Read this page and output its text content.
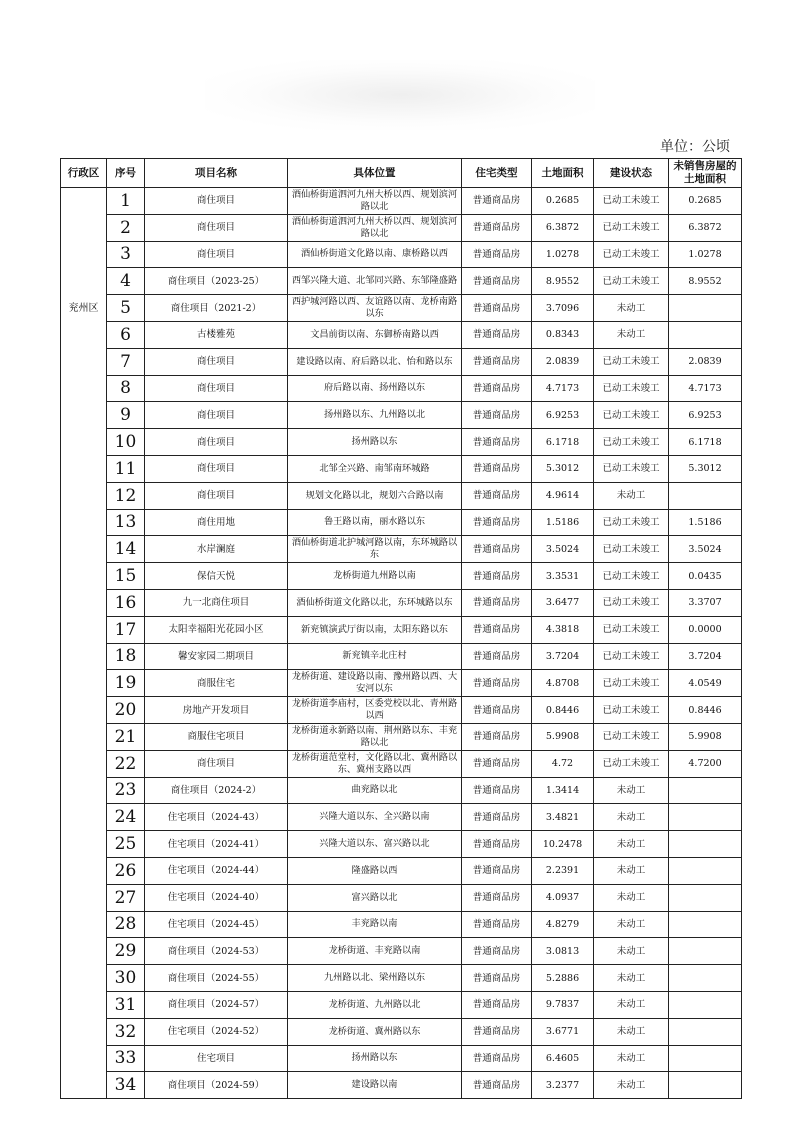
单位：公顷
行政区	序号	项目名称	具体位置	住宅类型	土地面积	建设状态	未销售房屋的土地面积
	1	商住项目	酒仙桥街道泗河九州大桥以西、规划滨河路以北	普通商品房	0.2685	已动工未竣工	0.2685
	2	商住项目	酒仙桥街道泗河九州大桥以西、规划滨河路以北	普通商品房	6.3872	已动工未竣工	6.3872
	3	商住项目	酒仙桥街道文化路以南、康桥路以西	普通商品房	1.0278	已动工未竣工	1.0278
	4	商住项目（2023-25）	西邹兴隆大道、北邹同兴路、东邹隆盛路	普通商品房	8.9552	已动工未竣工	8.9552
兖州区	5	商住项目（2021-2）	西护城河路以西、友谊路以南、龙桥南路以东	普通商品房	3.7096	未动工	
	6	古楼雅苑	文昌前街以南、东御桥南路以西	普通商品房	0.8343	未动工	
	7	商住项目	建设路以南、府后路以北、怡和路以东	普通商品房	2.0839	已动工未竣工	2.0839
	8	商住项目	府后路以南、扬州路以东	普通商品房	4.7173	已动工未竣工	4.7173
	9	商住项目	扬州路以东、九州路以北	普通商品房	6.9253	已动工未竣工	6.9253
	10	商住项目	扬州路以东	普通商品房	6.1718	已动工未竣工	6.1718
	11	商住项目	北邹全兴路、南邹南环城路	普通商品房	5.3012	已动工未竣工	5.3012
	12	商住项目	规划文化路以北，规划六合路以南	普通商品房	4.9614	未动工	
	13	商住用地	鲁王路以南，丽水路以东	普通商品房	1.5186	已动工未竣工	1.5186
	14	水岸澜庭	酒仙桥街道北护城河路以南，东环城路以东	普通商品房	3.5024	已动工未竣工	3.5024
	15	保信天悦	龙桥街道九州路以南	普通商品房	3.3531	已动工未竣工	0.0435
	16	九一北商住项目	酒仙桥街道文化路以北，东环城路以东	普通商品房	3.6477	已动工未竣工	3.3707
	17	太阳幸福阳光花园小区	新兖镇演武厅街以南，太阳东路以东	普通商品房	4.3818	已动工未竣工	0.0000
	18	馨安家园二期项目	新兖镇辛北庄村	普通商品房	3.7204	已动工未竣工	3.7204
	19	商服住宅	龙桥街道、建设路以南、豫州路以西、大安河以东	普通商品房	4.8708	已动工未竣工	4.0549
	20	房地产开发项目	龙桥街道李庙村，区委党校以北、青州路以西	普通商品房	0.8446	已动工未竣工	0.8446
	21	商服住宅项目	龙桥街道永新路以南、荆州路以东、丰兖路以北	普通商品房	5.9908	已动工未竣工	5.9908
	22	商住项目	龙桥街道范堂村，文化路以北、冀州路以东、冀州支路以西	普通商品房	4.72	已动工未竣工	4.7200
	23	商住项目（2024-2）	曲兖路以北	普通商品房	1.3414	未动工	
	24	住宅项目（2024-43）	兴隆大道以东、全兴路以南	普通商品房	3.4821	未动工	
	25	住宅项目（2024-41）	兴隆大道以东、富兴路以北	普通商品房	10.2478	未动工	
	26	住宅项目（2024-44）	隆盛路以西	普通商品房	2.2391	未动工	
	27	住宅项目（2024-40）	富兴路以北	普通商品房	4.0937	未动工	
	28	住宅项目（2024-45）	丰兖路以南	普通商品房	4.8279	未动工	
	29	商住项目（2024-53）	龙桥街道、丰兖路以南	普通商品房	3.0813	未动工	
	30	商住项目（2024-55）	九州路以北、梁州路以东	普通商品房	5.2886	未动工	
	31	商住项目（2024-57）	龙桥街道、九州路以北	普通商品房	9.7837	未动工	
	32	住宅项目（2024-52）	龙桥街道、冀州路以东	普通商品房	3.6771	未动工	
	33	住宅项目	扬州路以东	普通商品房	6.4605	未动工	
	34	商住项目（2024-59）	建设路以南	普通商品房	3.2377	未动工	
